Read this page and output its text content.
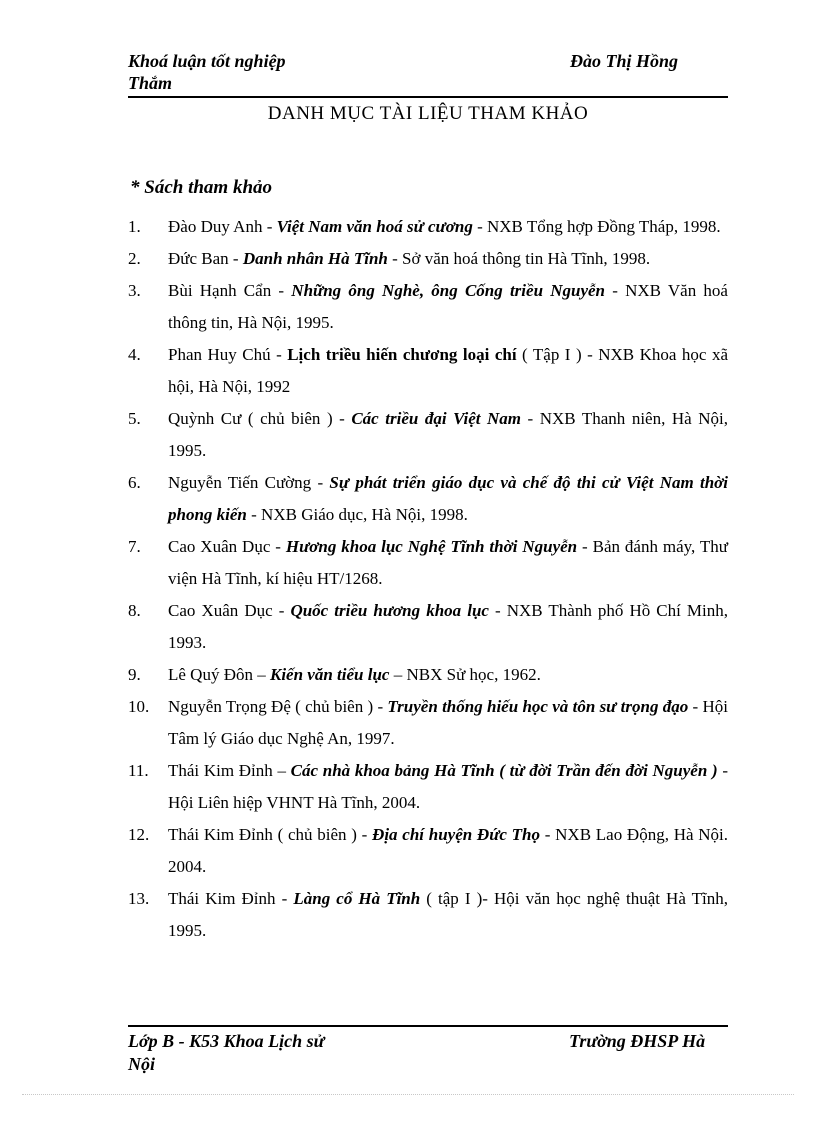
Khoá luận tốt nghiệp	Đào Thị Hồng
Thắm
DANH MỤC TÀI LIỆU THAM KHẢO
* Sách tham khảo
1. Đào Duy Anh - Việt Nam văn hoá sử cương - NXB Tổng hợp Đồng Tháp, 1998.
2. Đức Ban - Danh nhân Hà Tĩnh - Sở văn hoá thông tin Hà Tĩnh, 1998.
3. Bùi Hạnh Cẩn - Những ông Nghè, ông Cống triều Nguyễn - NXB Văn hoá thông tin, Hà Nội, 1995.
4. Phan Huy Chú - Lịch triều hiến chương loại chí ( Tập I ) - NXB Khoa học xã hội, Hà Nội, 1992
5. Quỳnh Cư ( chủ biên ) - Các triều đại Việt Nam - NXB Thanh niên, Hà Nội, 1995.
6. Nguyễn Tiến Cường - Sự phát triển giáo dục và chế độ thi cử Việt Nam thời phong kiến - NXB Giáo dục, Hà Nội, 1998.
7. Cao Xuân Dục - Hương khoa lục Nghệ Tĩnh thời Nguyễn - Bản đánh máy, Thư viện Hà Tĩnh, kí hiệu HT/1268.
8. Cao Xuân Dục - Quốc triều hương khoa lục - NXB Thành phố Hồ Chí Minh, 1993.
9. Lê Quý Đôn – Kiến văn tiểu lục – NBX Sử học, 1962.
10. Nguyễn Trọng Đệ ( chủ biên ) - Truyền thống hiếu học và tôn sư trọng đạo - Hội Tâm lý Giáo dục Nghệ An, 1997.
11. Thái Kim Đỉnh – Các nhà khoa bảng Hà Tĩnh ( từ đời Trần đến đời Nguyễn ) - Hội Liên hiệp VHNT Hà Tĩnh, 2004.
12. Thái Kim Đỉnh ( chủ biên ) - Địa chí huyện Đức Thọ - NXB Lao Động, Hà Nội. 2004.
13. Thái Kim Đỉnh - Làng cổ Hà Tĩnh ( tập I )- Hội văn học nghệ thuật Hà Tĩnh, 1995.
Lớp B - K53 Khoa Lịch sử	Trường ĐHSP Hà
Nội
